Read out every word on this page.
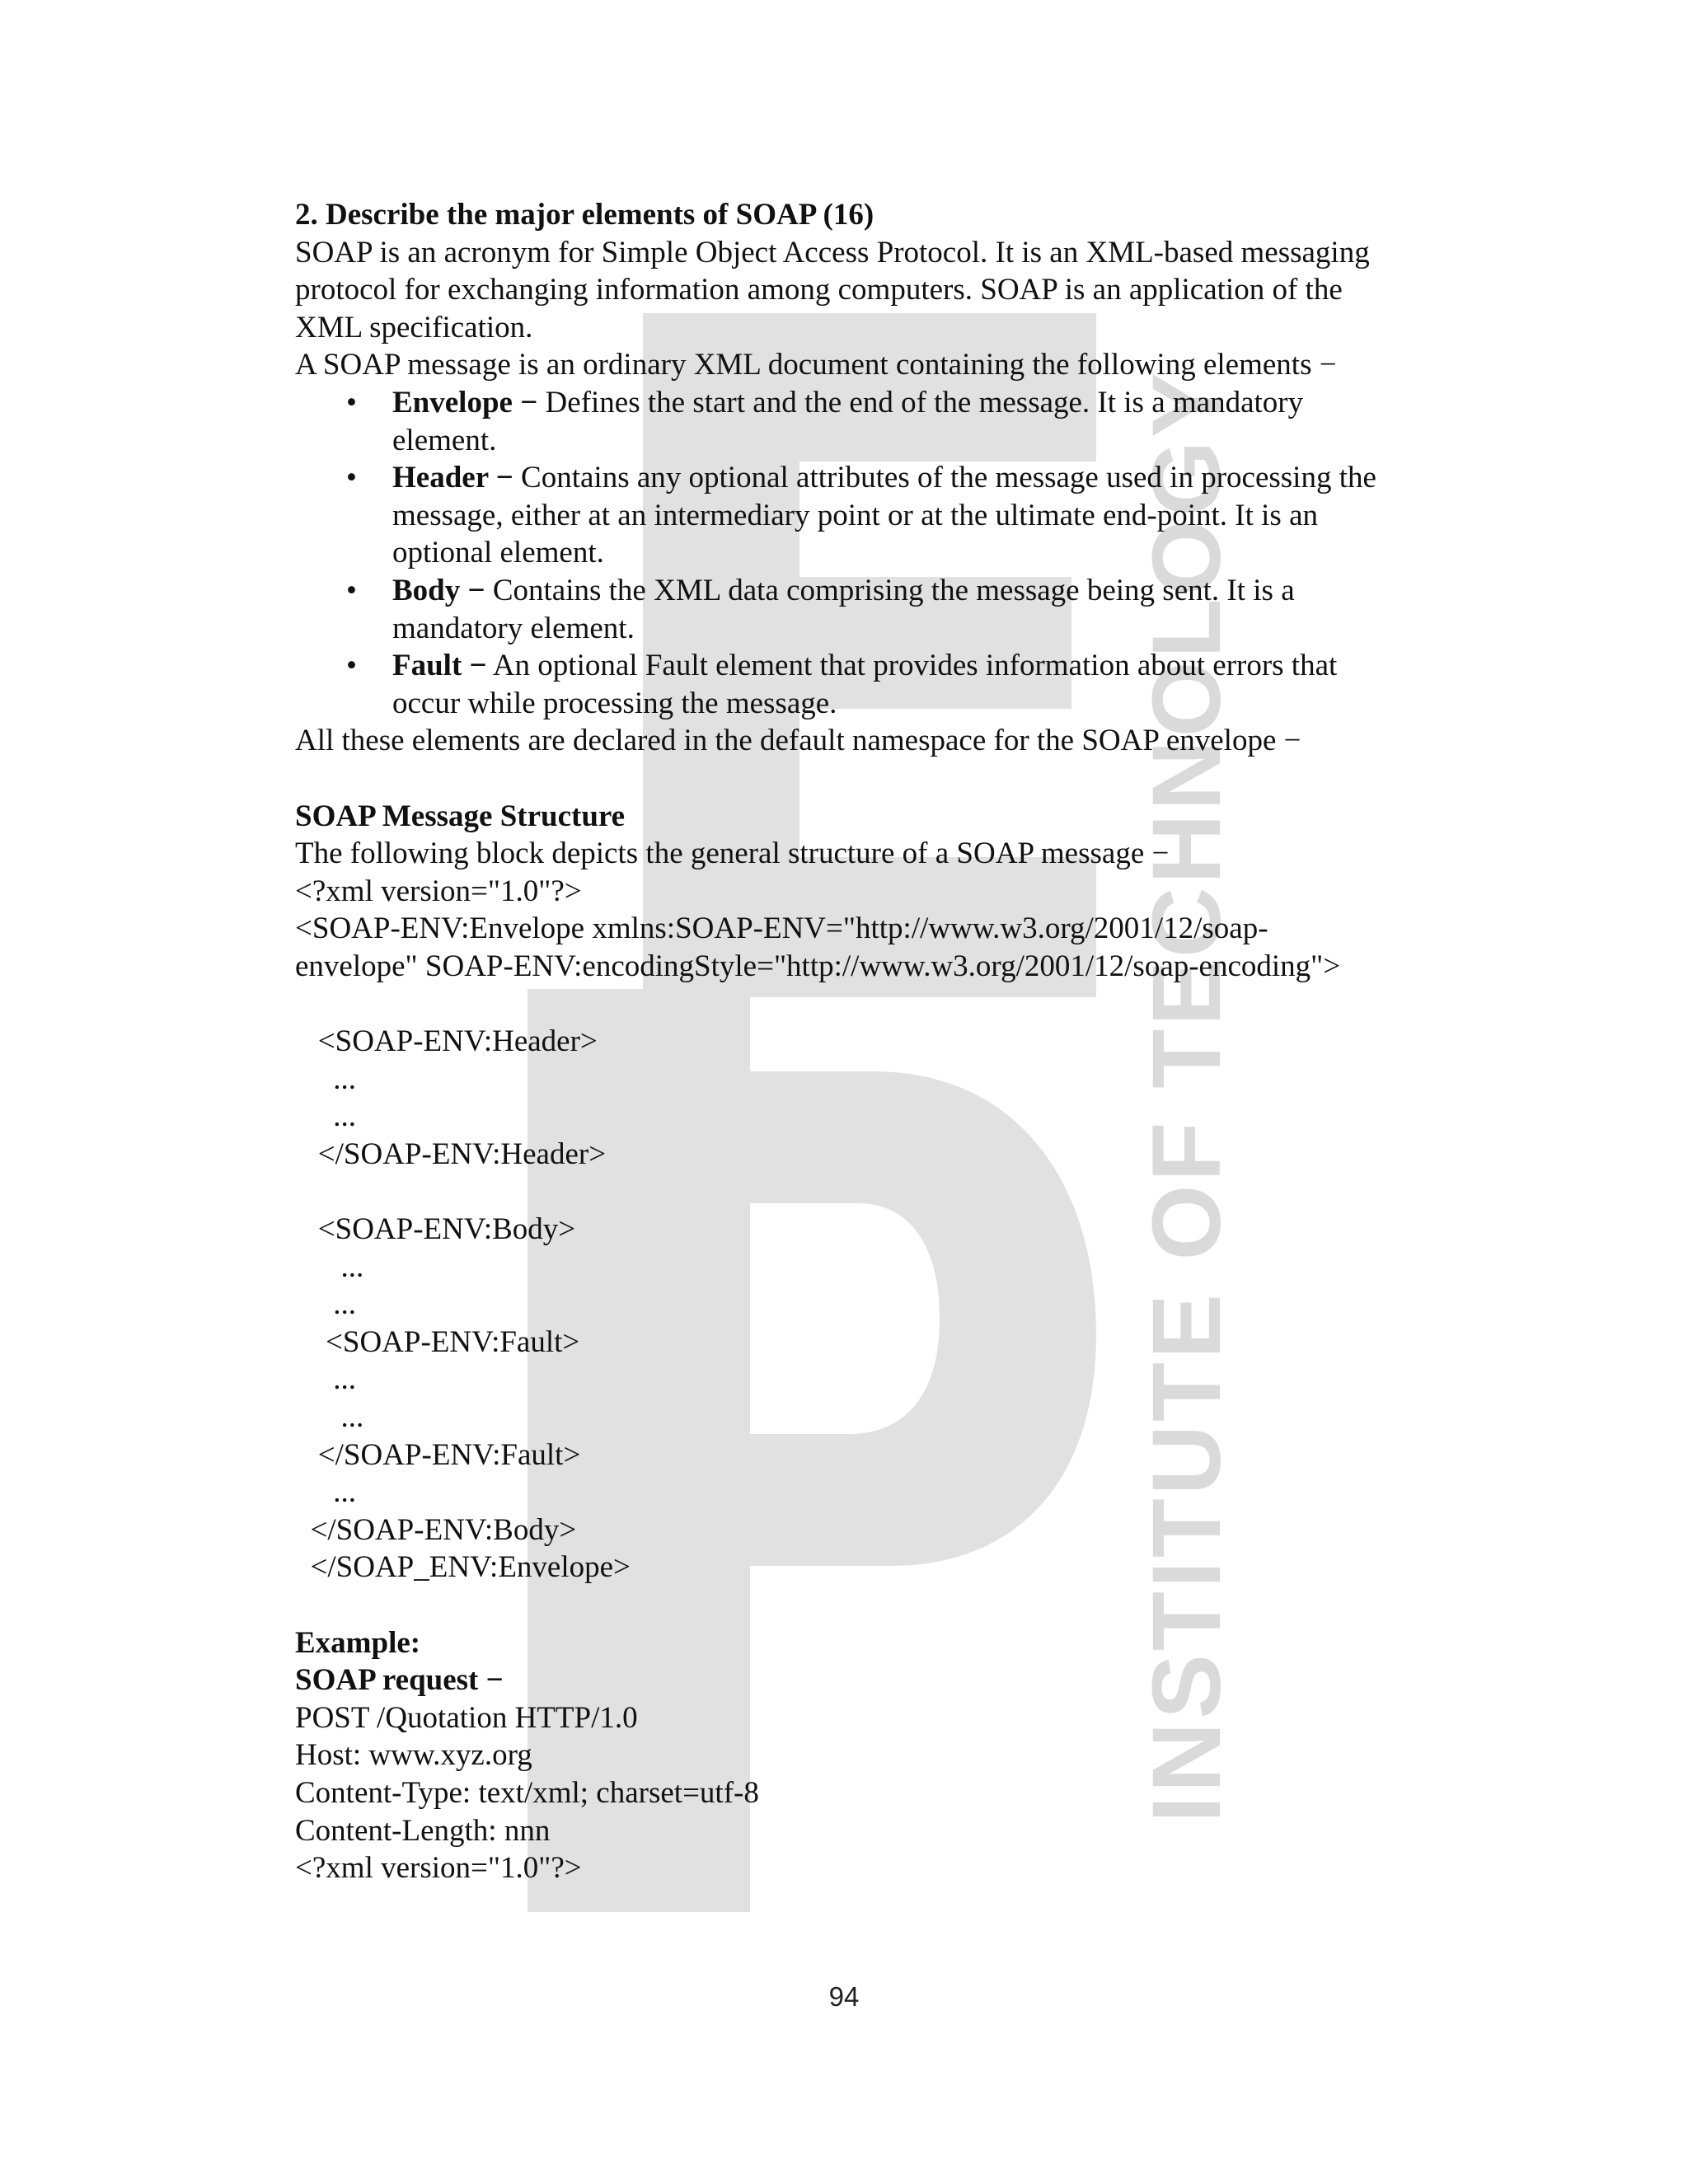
INSTITUTE OF TECHNOLOGY

2. Describe the major elements of SOAP (16)

SOAP is an acronym for Simple Object Access Protocol. It is an XML-based messaging

protocol for exchanging information among computers. SOAP is an application of the

XML specification.

A SOAP message is an ordinary XML document containing the following elements −

• Envelope − Defines the start and the end of the message. It is a mandatory
element.
• Header − Contains any optional attributes of the message used in processing the
message, either at an intermediary point or at the ultimate end-point. It is an
optional element.
• Body − Contains the XML data comprising the message being sent. It is a
mandatory element.
• Fault − An optional Fault element that provides information about errors that
occur while processing the message.

All these elements are declared in the default namespace for the SOAP envelope −

SOAP Message Structure

The following block depicts the general structure of a SOAP message −

<?xml version="1.0"?>
<SOAP-ENV:Envelope xmlns:SOAP-ENV="http://www.w3.org/2001/12/soap-
envelope" SOAP-ENV:encodingStyle="http://www.w3.org/2001/12/soap-encoding">
<SOAP-ENV:Header>
...
...
</SOAP-ENV:Header>
<SOAP-ENV:Body>
...
...
<SOAP-ENV:Fault>
...
...
</SOAP-ENV:Fault>
...
</SOAP-ENV:Body>
</SOAP_ENV:Envelope>

Example:

SOAP request −

POST /Quotation HTTP/1.0
Host: www.xyz.org
Content-Type: text/xml; charset=utf-8
Content-Length: nnn
<?xml version="1.0"?>
94
